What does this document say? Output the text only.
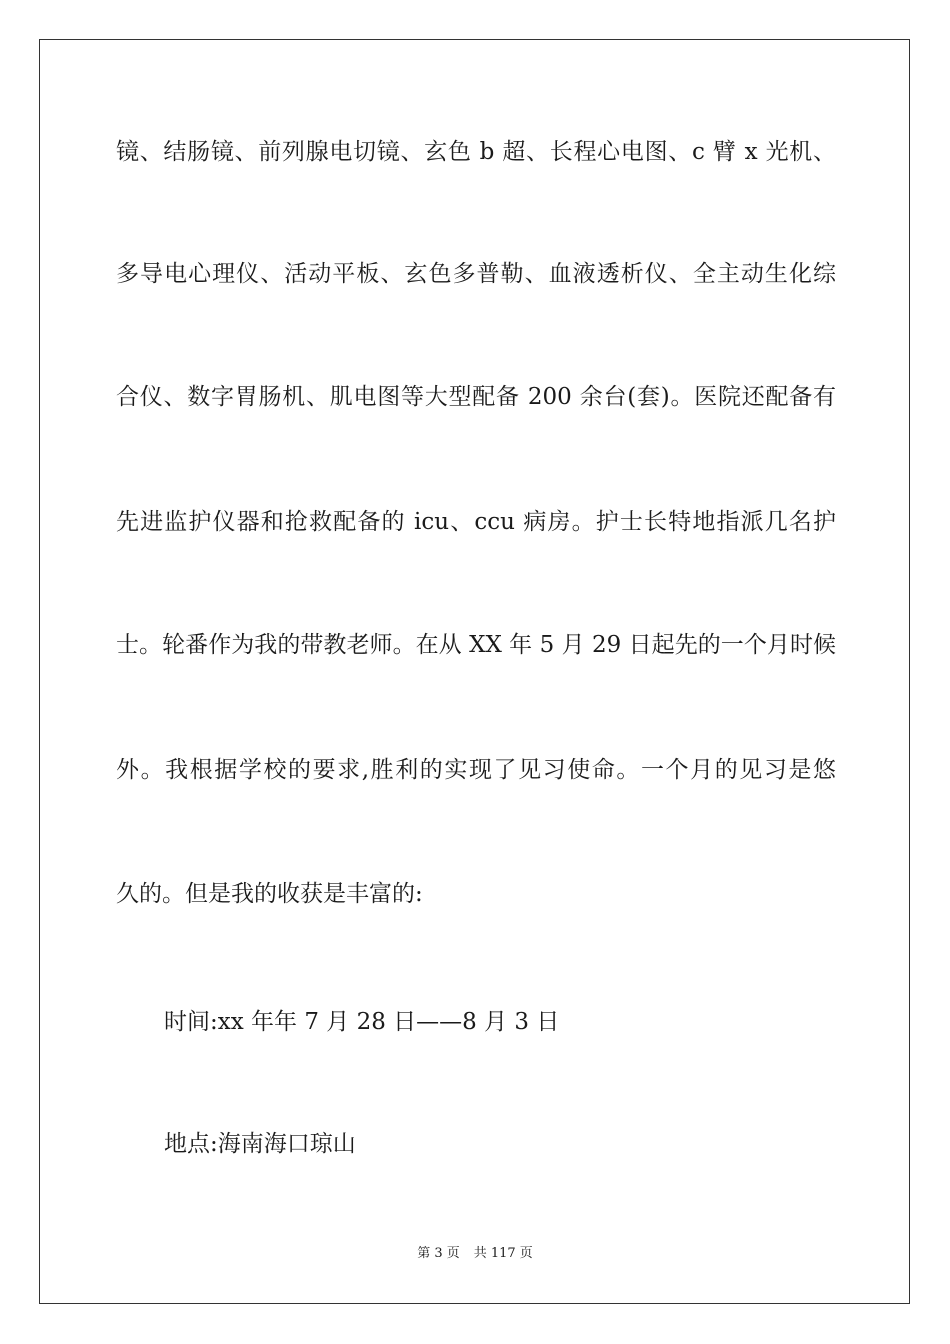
镜、结肠镜、前列腺电切镜、玄色 b 超、长程心电图、c 臂 x 光机、
多导电心理仪、活动平板、玄色多普勒、血液透析仪、全主动生化综
合仪、数字胃肠机、肌电图等大型配备 200 余台(套)。医院还配备有
先进监护仪器和抢救配备的 icu、ccu 病房。护士长特地指派几名护
士。轮番作为我的带教老师。在从 XX 年 5 月 29 日起先的一个月时候
外。我根据学校的要求,胜利的实现了见习使命。一个月的见习是悠
久的。但是我的收获是丰富的:
时间:xx 年年 7 月 28 日——8 月 3 日
地点:海南海口琼山
第 3 页 共 117 页
